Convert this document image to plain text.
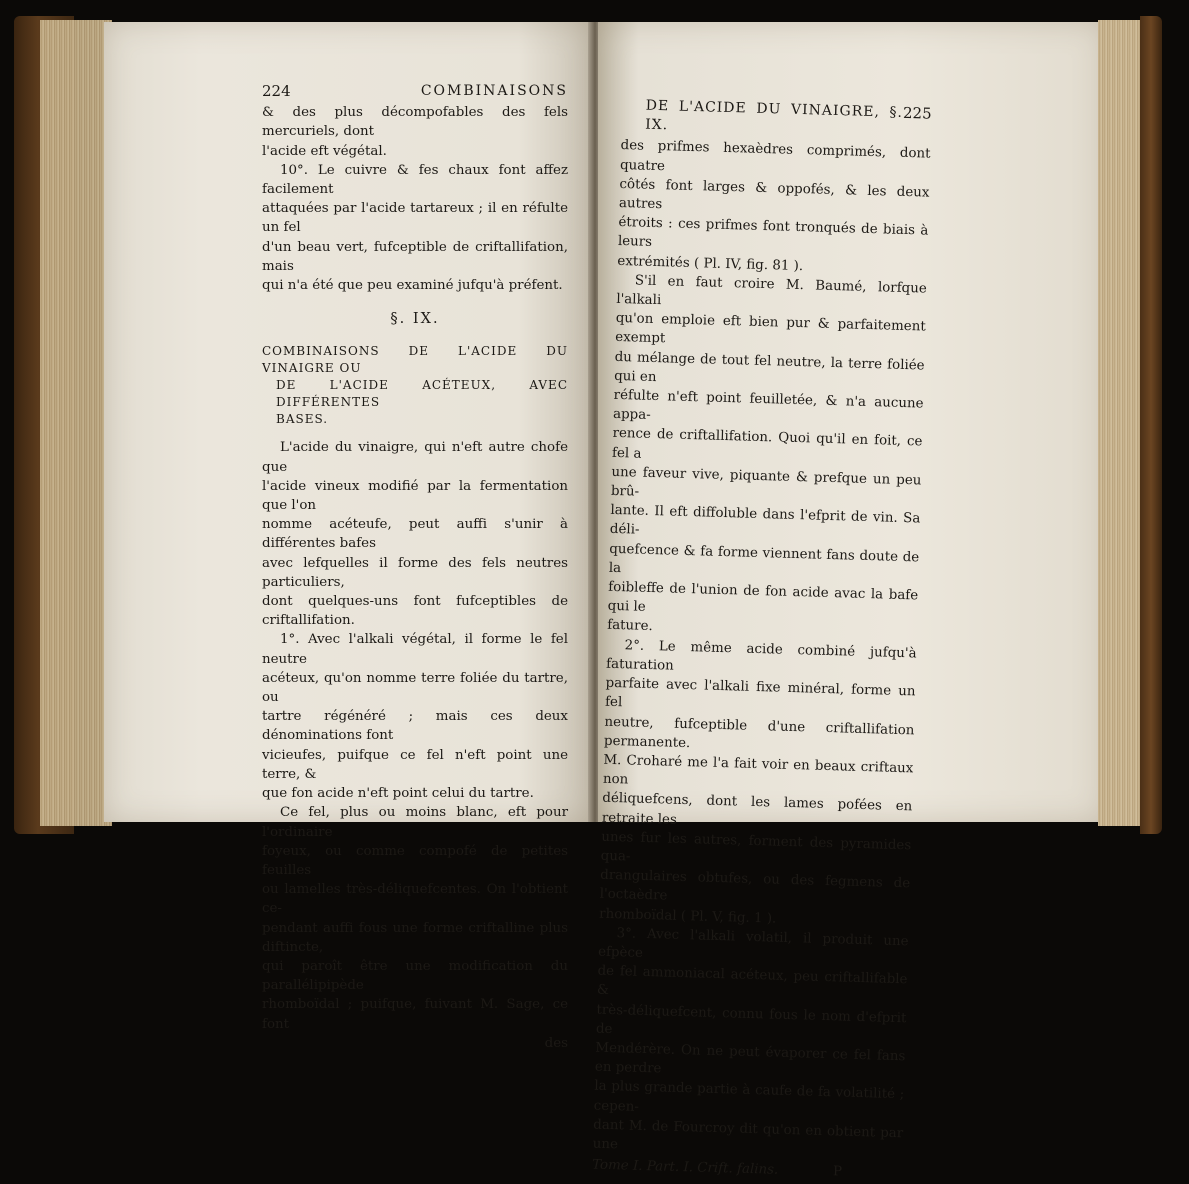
224	COMBINAISONS

& des plus décompofables des fels mercuriels, dont

l'acide eft végétal.

10°. Le cuivre & fes chaux font affez facilement

attaquées par l'acide tartareux ; il en réfulte un fel

d'un beau vert, fufceptible de criftallifation, mais

qui n'a été que peu examiné jufqu'à préfent.

§. IX.

COMBINAISONS DE L'ACIDE DU VINAIGRE OU

DE L'ACIDE ACÉTEUX, AVEC DIFFÉRENTES

BASES.

L'acide du vinaigre, qui n'eft autre chofe que

l'acide vineux modifié par la fermentation que l'on

nomme acéteufe, peut auffi s'unir à différentes bafes

avec lefquelles il forme des fels neutres particuliers,

dont quelques-uns font fufceptibles de criftallifation.

1°. Avec l'alkali végétal, il forme le fel neutre

acéteux, qu'on nomme terre foliée du tartre, ou

tartre régénéré ; mais ces deux dénominations font

vicieufes, puifque ce fel n'eft point une terre, &

que fon acide n'eft point celui du tartre.

Ce fel, plus ou moins blanc, eft pour l'ordinaire

foyeux, ou comme compofé de petites feuilles

ou lamelles très-déliquefcentes. On l'obtient ce-

pendant auffi fous une forme criftalline plus diftincte,

qui paroît être une modification du parallélipipède

rhomboïdal ; puifque, fuivant M. Sage, ce font

des

DE L'ACIDE DU VINAIGRE, §. IX.
225

des prifmes hexaèdres comprimés, dont quatre

côtés font larges & oppofés, & les deux autres

étroits : ces prifmes font tronqués de biais à leurs

extrémités ( Pl. IV, fig. 81 ).

S'il en faut croire M. Baumé, lorfque l'alkali

qu'on emploie eft bien pur & parfaitement exempt

du mélange de tout fel neutre, la terre foliée qui en

réfulte n'eft point feuilletée, & n'a aucune appa-

rence de criftallifation. Quoi qu'il en foit, ce fel a

une faveur vive, piquante & prefque un peu brû-

lante. Il eft diffoluble dans l'efprit de vin. Sa déli-

quefcence & fa forme viennent fans doute de la

foibleffe de l'union de fon acide avac la bafe qui le

fature.

2°. Le même acide combiné jufqu'à faturation

parfaite avec l'alkali fixe minéral, forme un fel

neutre, fufceptible d'une criftallifation permanente.

M. Croharé me l'a fait voir en beaux criftaux non

déliquefcens, dont les lames pofées en retraite les

unes fur les autres, forment des pyramides qua-

drangulaires obtufes, ou des fegmens de l'octaèdre

rhomboïdal ( Pl. V, fig. 1 ).

3°. Avec l'alkali volatil, il produit une efpèce

de fel ammoniacal acéteux, peu criftallifable &

très-déliquefcent, connu fous le nom d'efprit de

Mendérère. On ne peut évaporer ce fel fans en perdre

la plus grande partie à caufe de fa volatilité ; cepen-

dant M. de Fourcroy dit qu'on en obtient par une

Tome I. Part. I. Crift. falins.	P
